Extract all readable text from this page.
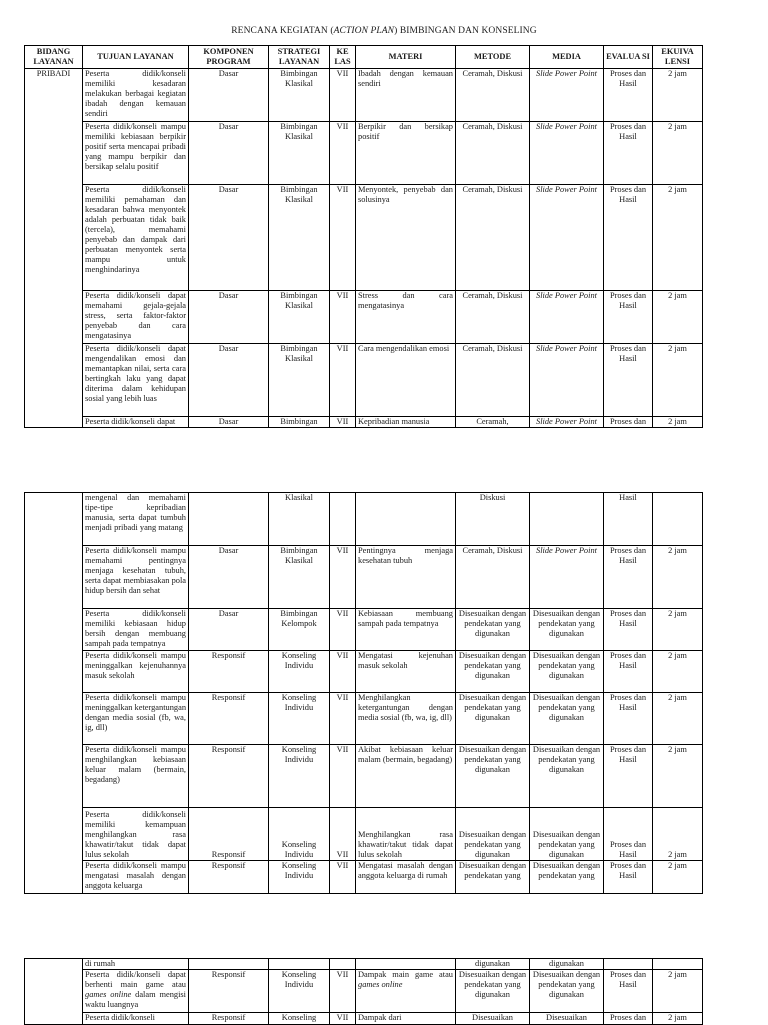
RENCANA KEGIATAN (ACTION PLAN) BIMBINGAN DAN KONSELING
BIDANG LAYANAN	TUJUAN LAYANAN	KOMPONEN PROGRAM	STRATEGI LAYANAN	KE LAS	MATERI	METODE	MEDIA	EVALUA SI	EKUIVA LENSI
PRIBADI	Peserta didik/konseli memiliki kesadaran melakukan berbagai kegiatan ibadah dengan kemauan sendiri	Dasar	Bimbingan Klasikal	VII	Ibadah dengan kemauan sendiri	Ceramah, Diskusi	Slide Power Point	Proses dan Hasil	2 jam
	Peserta didik/konseli mampu memiliki kebiasaan berpikir positif serta mencapai pribadi yang mampu berpikir dan bersikap selalu positif	Dasar	Bimbingan Klasikal	VII	Berpikir dan bersikap positif	Ceramah, Diskusi	Slide Power Point	Proses dan Hasil	2 jam
	Peserta didik/konseli memiliki pemahaman dan kesadaran bahwa menyontek adalah perbuatan tidak baik (tercela), memahami penyebab dan dampak dari perbuatan menyontek serta mampu untuk menghindarinya	Dasar	Bimbingan Klasikal	VII	Menyontek, penyebab dan solusinya	Ceramah, Diskusi	Slide Power Point	Proses dan Hasil	2 jam
	Peserta didik/konseli dapat memahami gejala-gejala stress, serta faktor-faktor penyebab dan cara mengatasinya	Dasar	Bimbingan Klasikal	VII	Stress dan cara mengatasinya	Ceramah, Diskusi	Slide Power Point	Proses dan Hasil	2 jam
	Peserta didik/konseli dapat mengendalikan emosi dan memantapkan nilai, serta cara bertingkah laku yang dapat diterima dalam kehidupan sosial yang lebih luas	Dasar	Bimbingan Klasikal	VII	Cara mengendalikan emosi	Ceramah, Diskusi	Slide Power Point	Proses dan Hasil	2 jam
	Peserta didik/konseli dapat	Dasar	Bimbingan	VII	Kepribadian manusia	Ceramah,	Slide Power Point	Proses dan	2 jam
	mengenal dan memahami tipe-tipe kepribadian manusia, serta dapat tumbuh menjadi pribadi yang matang		Klasikal			Diskusi		Hasil	
	Peserta didik/konseli mampu memahami pentingnya menjaga kesehatan tubuh, serta dapat membiasakan pola hidup bersih dan sehat	Dasar	Bimbingan Klasikal	VII	Pentingnya menjaga kesehatan tubuh	Ceramah, Diskusi	Slide Power Point	Proses dan Hasil	2 jam
	Peserta didik/konseli memiliki kebiasaan hidup bersih dengan membuang sampah pada tempatnya	Dasar	Bimbingan Kelompok	VII	Kebiasaan membuang sampah pada tempatnya	Disesuaikan dengan pendekatan yang digunakan	Disesuaikan dengan pendekatan yang digunakan	Proses dan Hasil	2 jam
	Peserta didik/konseli mampu meninggalkan kejenuhannya masuk sekolah	Responsif	Konseling Individu	VII	Mengatasi kejenuhan masuk sekolah	Disesuaikan dengan pendekatan yang digunakan	Disesuaikan dengan pendekatan yang digunakan	Proses dan Hasil	2 jam
	Peserta didik/konseli mampu meninggalkan ketergantungan dengan media sosial (fb, wa, ig, dll)	Responsif	Konseling Individu	VII	Menghilangkan ketergantungan dengan media sosial (fb, wa, ig, dll)	Disesuaikan dengan pendekatan yang digunakan	Disesuaikan dengan pendekatan yang digunakan	Proses dan Hasil	2 jam
	Peserta didik/konseli mampu menghilangkan kebiasaan keluar malam (bermain, begadang)	Responsif	Konseling Individu	VII	Akibat kebiasaan keluar malam (bermain, begadang)	Disesuaikan dengan pendekatan yang digunakan	Disesuaikan dengan pendekatan yang digunakan	Proses dan Hasil	2 jam
	Peserta didik/konseli memiliki kemampuan menghilangkan rasa khawatir/takut tidak dapat lulus sekolah	Responsif	Konseling Individu	VII	Menghilangkan rasa khawatir/takut tidak dapat lulus sekolah	Disesuaikan dengan pendekatan yang digunakan	Disesuaikan dengan pendekatan yang digunakan	Proses dan Hasil	2 jam
	Peserta didik/konseli mampu mengatasi masalah dengan anggota keluarga	Responsif	Konseling Individu	VII	Mengatasi masalah dengan anggota keluarga di rumah	Disesuaikan dengan pendekatan yang	Disesuaikan dengan pendekatan yang	Proses dan Hasil	2 jam
	di rumah					digunakan	digunakan		
	Peserta didik/konseli dapat berhenti main game atau games online dalam mengisi waktu luangnya	Responsif	Konseling Individu	VII	Dampak main game atau games online	Disesuaikan dengan pendekatan yang digunakan	Disesuaikan dengan pendekatan yang digunakan	Proses dan Hasil	2 jam
	Peserta didik/konseli	Responsif	Konseling	VII	Dampak dari	Disesuaikan	Disesuaikan	Proses dan	2 jam
